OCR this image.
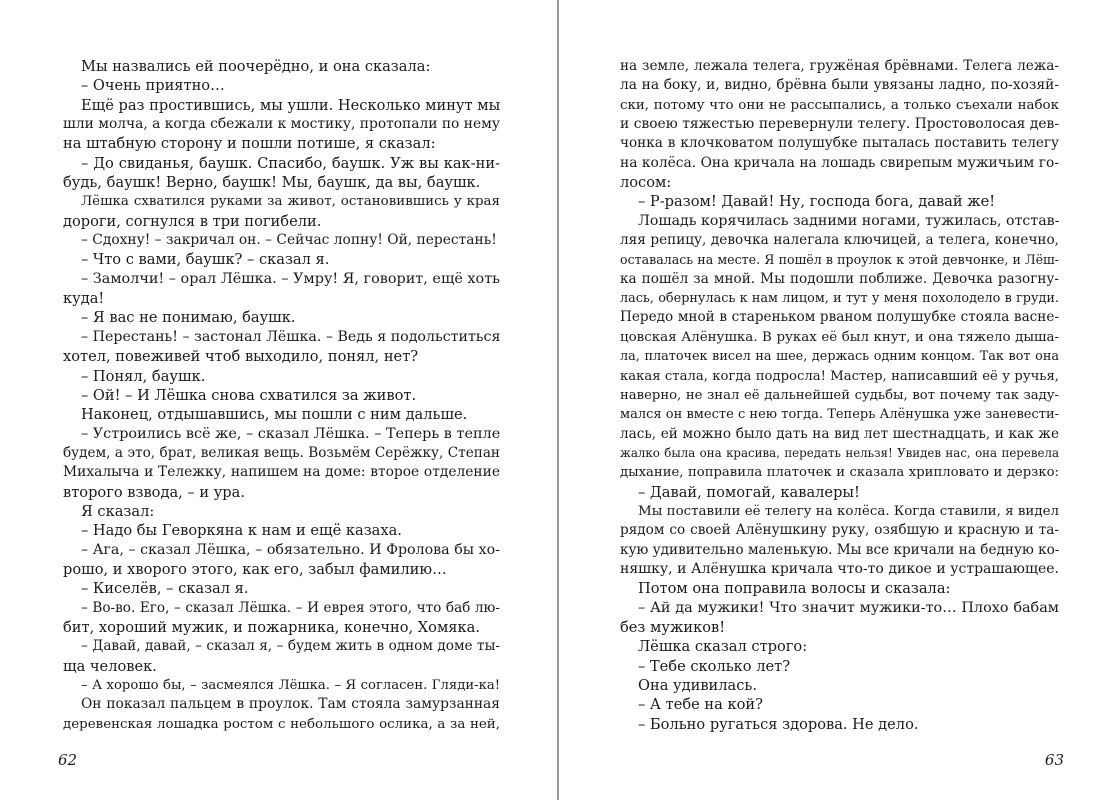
Мы назвались ей поочерёдно, и она сказала:
– Очень приятно…
Ещё раз простившись, мы ушли. Несколько минут мы
шли молча, а когда сбежали к мостику, протопали по нему
на штабную сторону и пошли потише, я сказал:
– До свиданья, баушк. Спасибо, баушк. Уж вы как-ни-
будь, баушк! Верно, баушк! Мы, баушк, да вы, баушк.
Лёшка схватился руками за живот, остановившись у края
дороги, согнулся в три погибели.
– Сдохну! – закричал он. – Сейчас лопну! Ой, перестань!
– Что с вами, баушк? – сказал я.
– Замолчи! – орал Лёшка. – Умру! Я, говорит, ещё хоть
куда!
– Я вас не понимаю, баушк.
– Перестань! – застонал Лёшка. – Ведь я подольститься
хотел, повеживей чтоб выходило, понял, нет?
– Понял, баушк.
– Ой! – И Лёшка снова схватился за живот.
Наконец, отдышавшись, мы пошли с ним дальше.
– Устроились всё же, – сказал Лёшка. – Теперь в тепле
будем, а это, брат, великая вещь. Возьмём Серёжку, Степан
Михалыча и Тележку, напишем на доме: второе отделение
второго взвода, – и ура.
Я сказал:
– Надо бы Геворкяна к нам и ещё казаха.
– Ага, – сказал Лёшка, – обязательно. И Фролова бы хо-
рошо, и хворого этого, как его, забыл фамилию…
– Киселёв, – сказал я.
– Во-во. Его, – сказал Лёшка. – И еврея этого, что баб лю-
бит, хороший мужик, и пожарника, конечно, Хомяка.
– Давай, давай, – сказал я, – будем жить в одном доме ты-
ща человек.
– А хорошо бы, – засмеялся Лёшка. – Я согласен. Гляди-ка!
Он показал пальцем в проулок. Там стояла замурзанная
деревенская лошадка ростом с небольшого ослика, а за ней,
62
на земле, лежала телега, гружёная брёвнами. Телега лежа-
ла на боку, и, видно, брёвна были увязаны ладно, по-хозяй-
ски, потому что они не рассыпались, а только съехали набок
и своею тяжестью перевернули телегу. Простоволосая дев-
чонка в клочковатом полушубке пыталась поставить телегу
на колёса. Она кричала на лошадь свирепым мужичьим го-
лосом:
– Р-разом! Давай! Ну, господа бога, давай же!
Лошадь корячилась задними ногами, тужилась, отстав-
ляя репицу, девочка налегала ключицей, а телега, конечно,
оставалась на месте. Я пошёл в проулок к этой девчонке, и Лёш-
ка пошёл за мной. Мы подошли поближе. Девочка разогну-
лась, обернулась к нам лицом, и тут у меня похолодело в груди.
Передо мной в стареньком рваном полушубке стояла васне-
цовская Алёнушка. В руках её был кнут, и она тяжело дыша-
ла, платочек висел на шее, держась одним концом. Так вот она
какая стала, когда подросла! Мастер, написавший её у ручья,
наверно, не знал её дальнейшей судьбы, вот почему так заду-
мался он вместе с нею тогда. Теперь Алёнушка уже заневести-
лась, ей можно было дать на вид лет шестнадцать, и как же
жалко была она красива, передать нельзя! Увидев нас, она перевела
дыхание, поправила платочек и сказала хрипловато и дерзко:
– Давай, помогай, кавалеры!
Мы поставили её телегу на колёса. Когда ставили, я видел
рядом со своей Алёнушкину руку, озябшую и красную и та-
кую удивительно маленькую. Мы все кричали на бедную ко-
няшку, и Алёнушка кричала что-то дикое и устрашающее.
Потом она поправила волосы и сказала:
– Ай да мужики! Что значит мужики-то… Плохо бабам
без мужиков!
Лёшка сказал строго:
– Тебе сколько лет?
Она удивилась.
– А тебе на кой?
– Больно ругаться здорова. Не дело.
63
